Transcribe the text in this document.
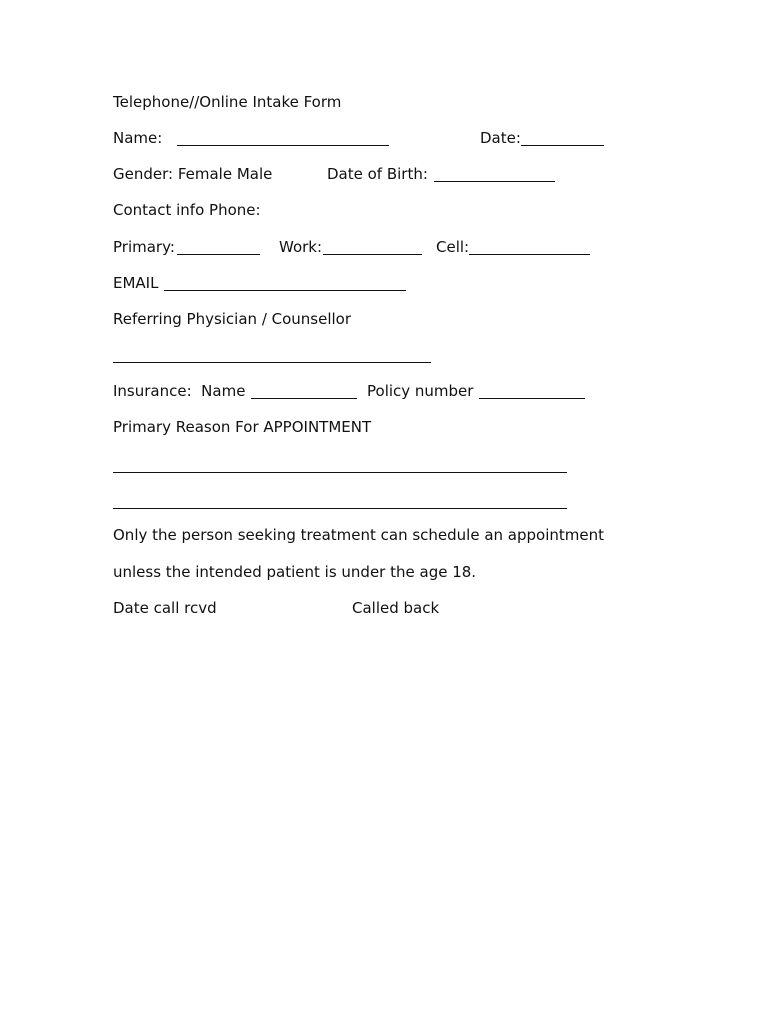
Telephone//Online Intake Form
Name:	Date:
Gender: Female Male	Date of Birth:
Contact info Phone:
Primary:	Work:	Cell:
EMAIL
Referring Physician / Counsellor
Insurance:  Name	Policy number
Primary Reason For APPOINTMENT
Only the person seeking treatment can schedule an appointment
unless the intended patient is under the age 18.
Date call rcvd	Called back
